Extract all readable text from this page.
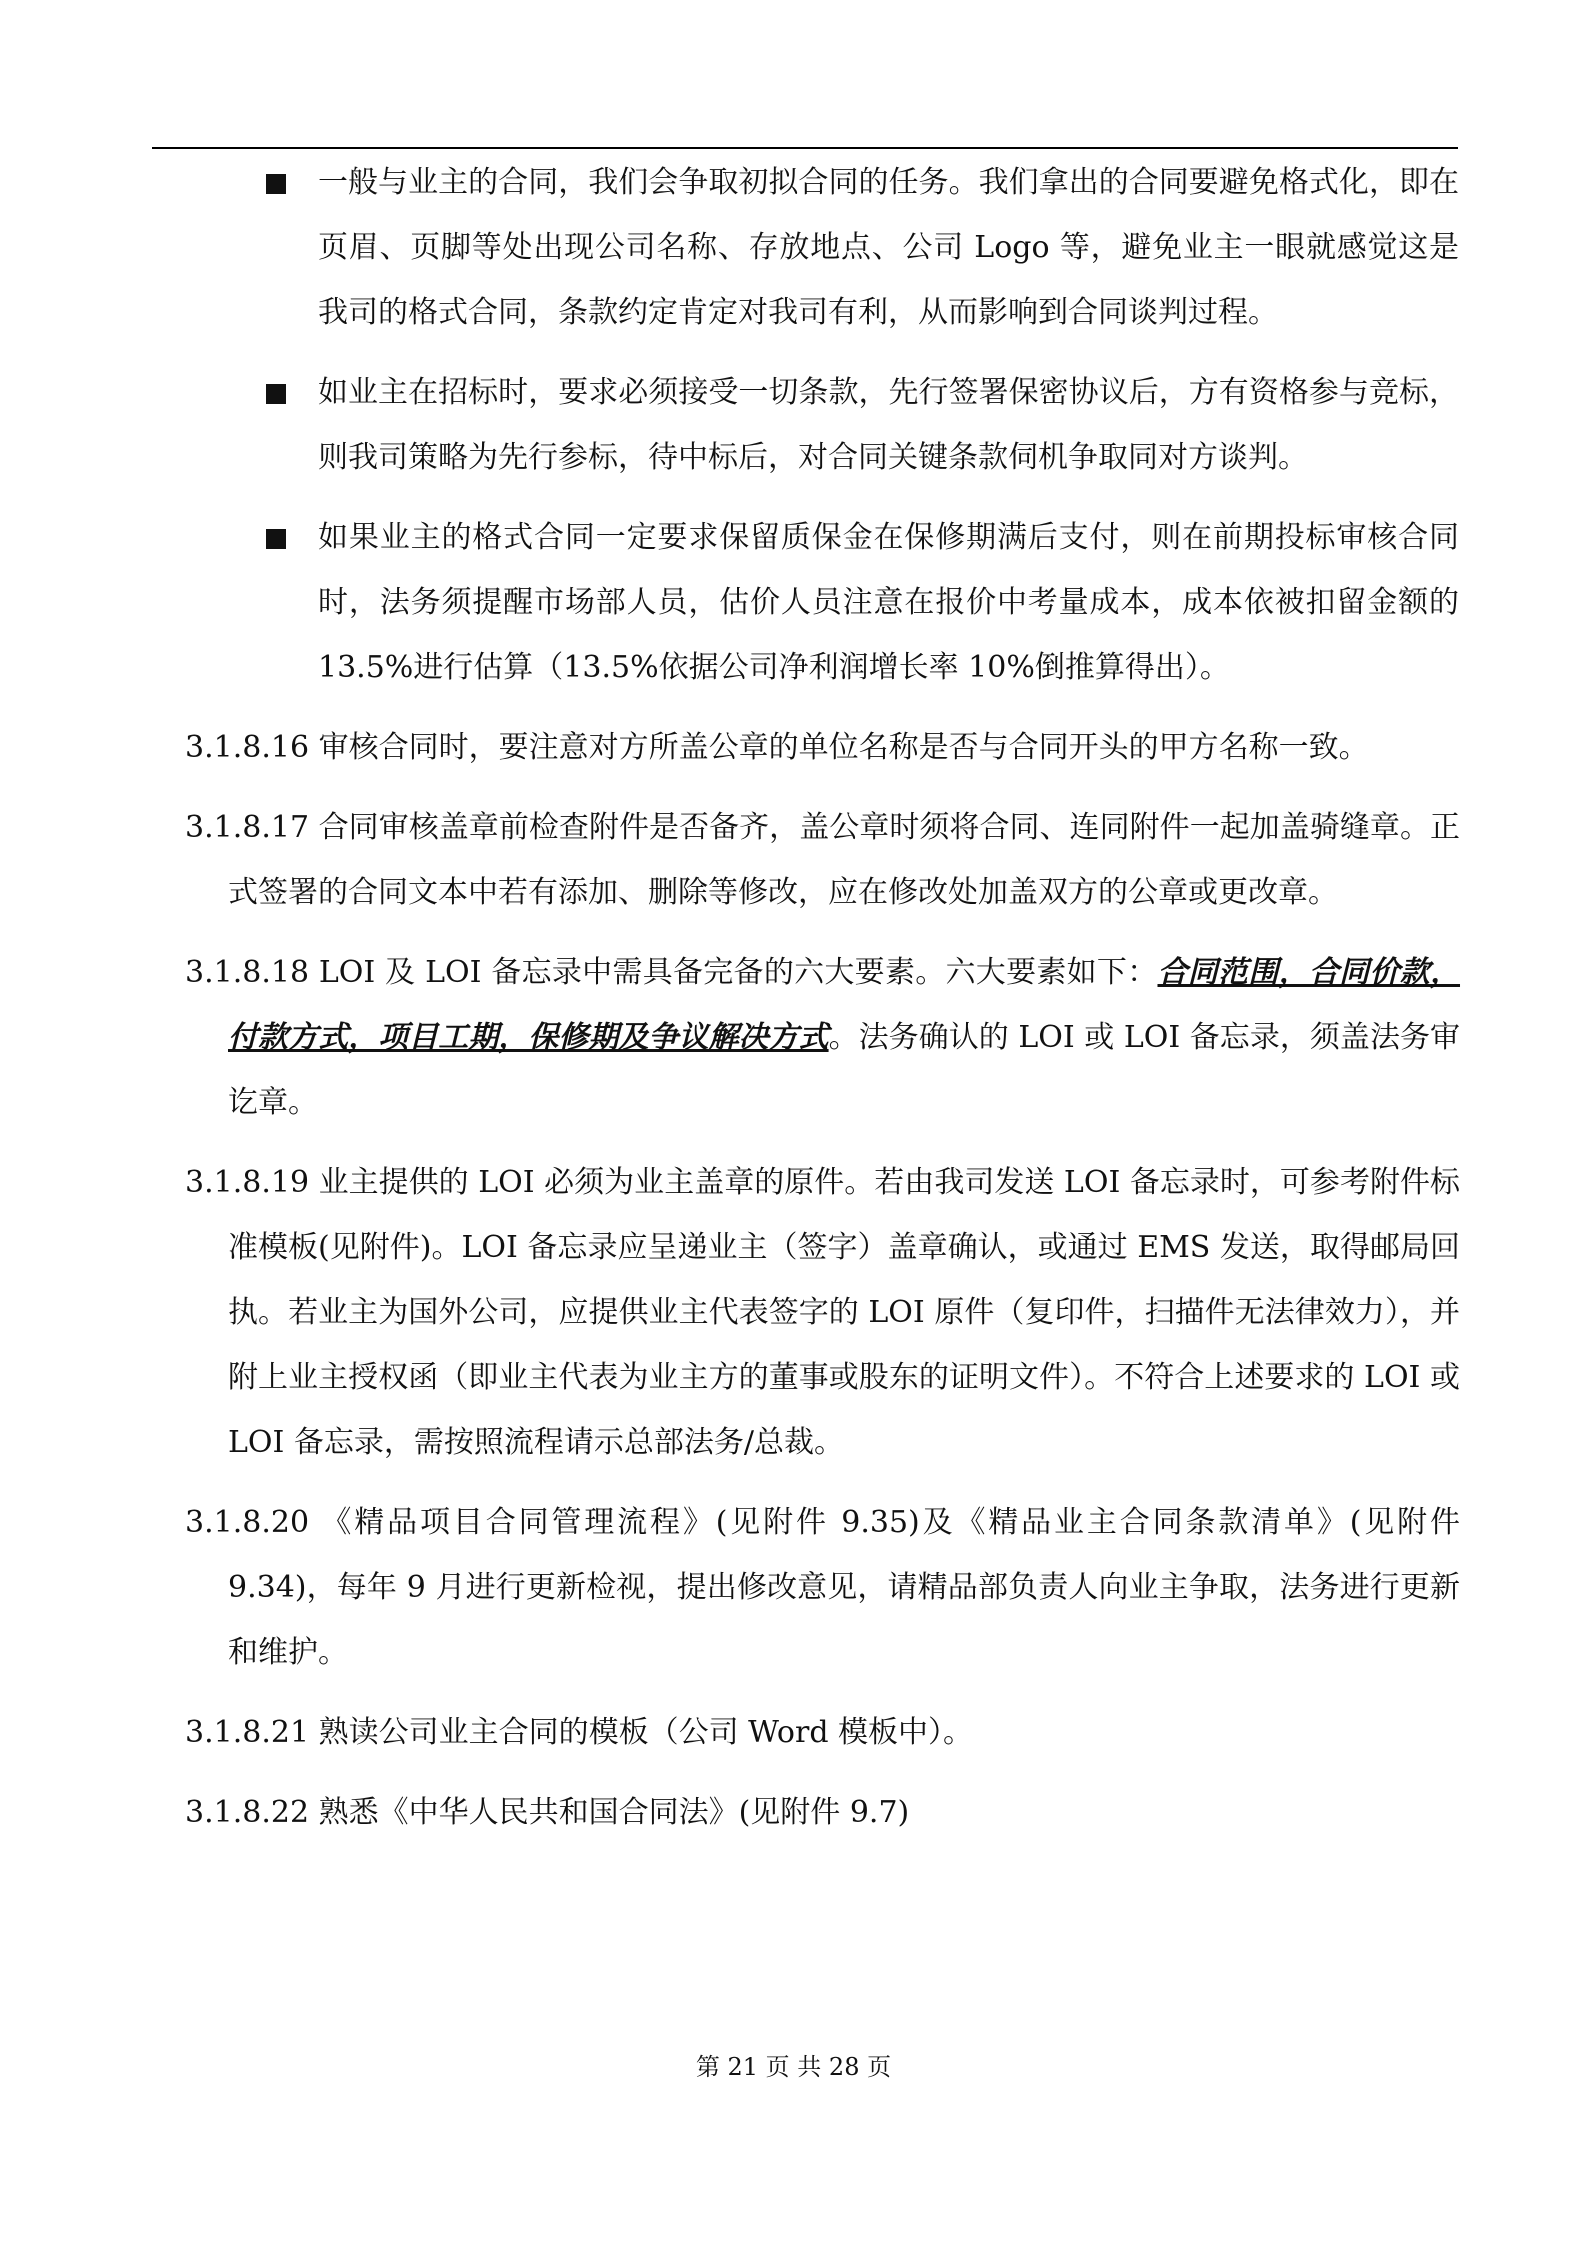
一般与业主的合同，我们会争取初拟合同的任务。我们拿出的合同要避免格式化，即在页眉、页脚等处出现公司名称、存放地点、公司 Logo 等，避免业主一眼就感觉这是我司的格式合同，条款约定肯定对我司有利，从而影响到合同谈判过程。
如业主在招标时，要求必须接受一切条款，先行签署保密协议后，方有资格参与竞标，则我司策略为先行参标，待中标后，对合同关键条款伺机争取同对方谈判。
如果业主的格式合同一定要求保留质保金在保修期满后支付，则在前期投标审核合同时，法务须提醒市场部人员，估价人员注意在报价中考量成本，成本依被扣留金额的 13.5%进行估算（13.5%依据公司净利润增长率 10%倒推算得出）。
3.1.8.16 审核合同时，要注意对方所盖公章的单位名称是否与合同开头的甲方名称一致。
3.1.8.17 合同审核盖章前检查附件是否备齐，盖公章时须将合同、连同附件一起加盖骑缝章。正式签署的合同文本中若有添加、删除等修改，应在修改处加盖双方的公章或更改章。
3.1.8.18 LOI 及 LOI 备忘录中需具备完备的六大要素。六大要素如下：合同范围，合同价款，付款方式，项目工期，保修期及争议解决方式。法务确认的 LOI 或 LOI 备忘录，须盖法务审讫章。
3.1.8.19 业主提供的 LOI 必须为业主盖章的原件。若由我司发送 LOI 备忘录时，可参考附件标准模板(见附件)。LOI 备忘录应呈递业主（签字）盖章确认，或通过 EMS 发送，取得邮局回执。若业主为国外公司，应提供业主代表签字的 LOI 原件（复印件，扫描件无法律效力），并附上业主授权函（即业主代表为业主方的董事或股东的证明文件）。不符合上述要求的 LOI 或 LOI 备忘录，需按照流程请示总部法务/总裁。
3.1.8.20 《精品项目合同管理流程》(见附件 9.35)及《精品业主合同条款清单》(见附件 9.34)，每年 9 月进行更新检视，提出修改意见，请精品部负责人向业主争取，法务进行更新和维护。
3.1.8.21 熟读公司业主合同的模板（公司 Word 模板中）。
3.1.8.22 熟悉《中华人民共和国合同法》(见附件 9.7)
第 21 页 共 28 页
